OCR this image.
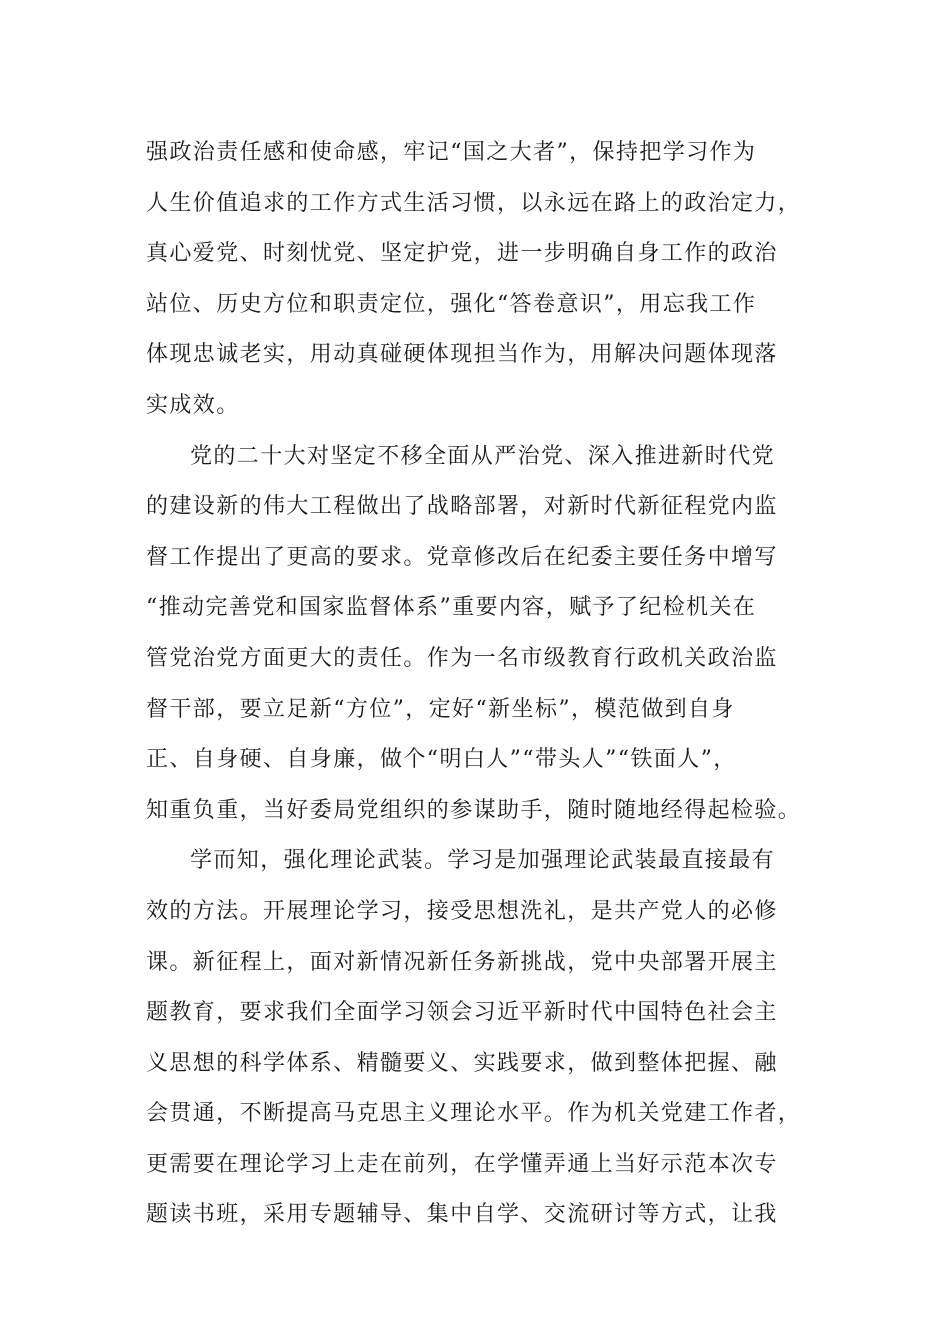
强政治责任感和使命感，牢记“国之大者”，保持把学习作为
人生价值追求的工作方式生活习惯，以永远在路上的政治定力，
真心爱党、时刻忧党、坚定护党，进一步明确自身工作的政治
站位、历史方位和职责定位，强化“答卷意识”，用忘我工作
体现忠诚老实，用动真碰硬体现担当作为，用解决问题体现落
实成效。
党的二十大对坚定不移全面从严治党、深入推进新时代党
的建设新的伟大工程做出了战略部署，对新时代新征程党内监
督工作提出了更高的要求。党章修改后在纪委主要任务中增写
“推动完善党和国家监督体系”重要内容，赋予了纪检机关在
管党治党方面更大的责任。作为一名市级教育行政机关政治监
督干部，要立足新“方位”，定好“新坐标”，模范做到自身
正、自身硬、自身廉，做个“明白人”“带头人”“铁面人”，
知重负重，当好委局党组织的参谋助手，随时随地经得起检验。
学而知，强化理论武装。学习是加强理论武装最直接最有
效的方法。开展理论学习，接受思想洗礼，是共产党人的必修
课。新征程上，面对新情况新任务新挑战，党中央部署开展主
题教育，要求我们全面学习领会习近平新时代中国特色社会主
义思想的科学体系、精髓要义、实践要求，做到整体把握、融
会贯通，不断提高马克思主义理论水平。作为机关党建工作者，
更需要在理论学习上走在前列，在学懂弄通上当好示范本次专
题读书班，采用专题辅导、集中自学、交流研讨等方式，让我
